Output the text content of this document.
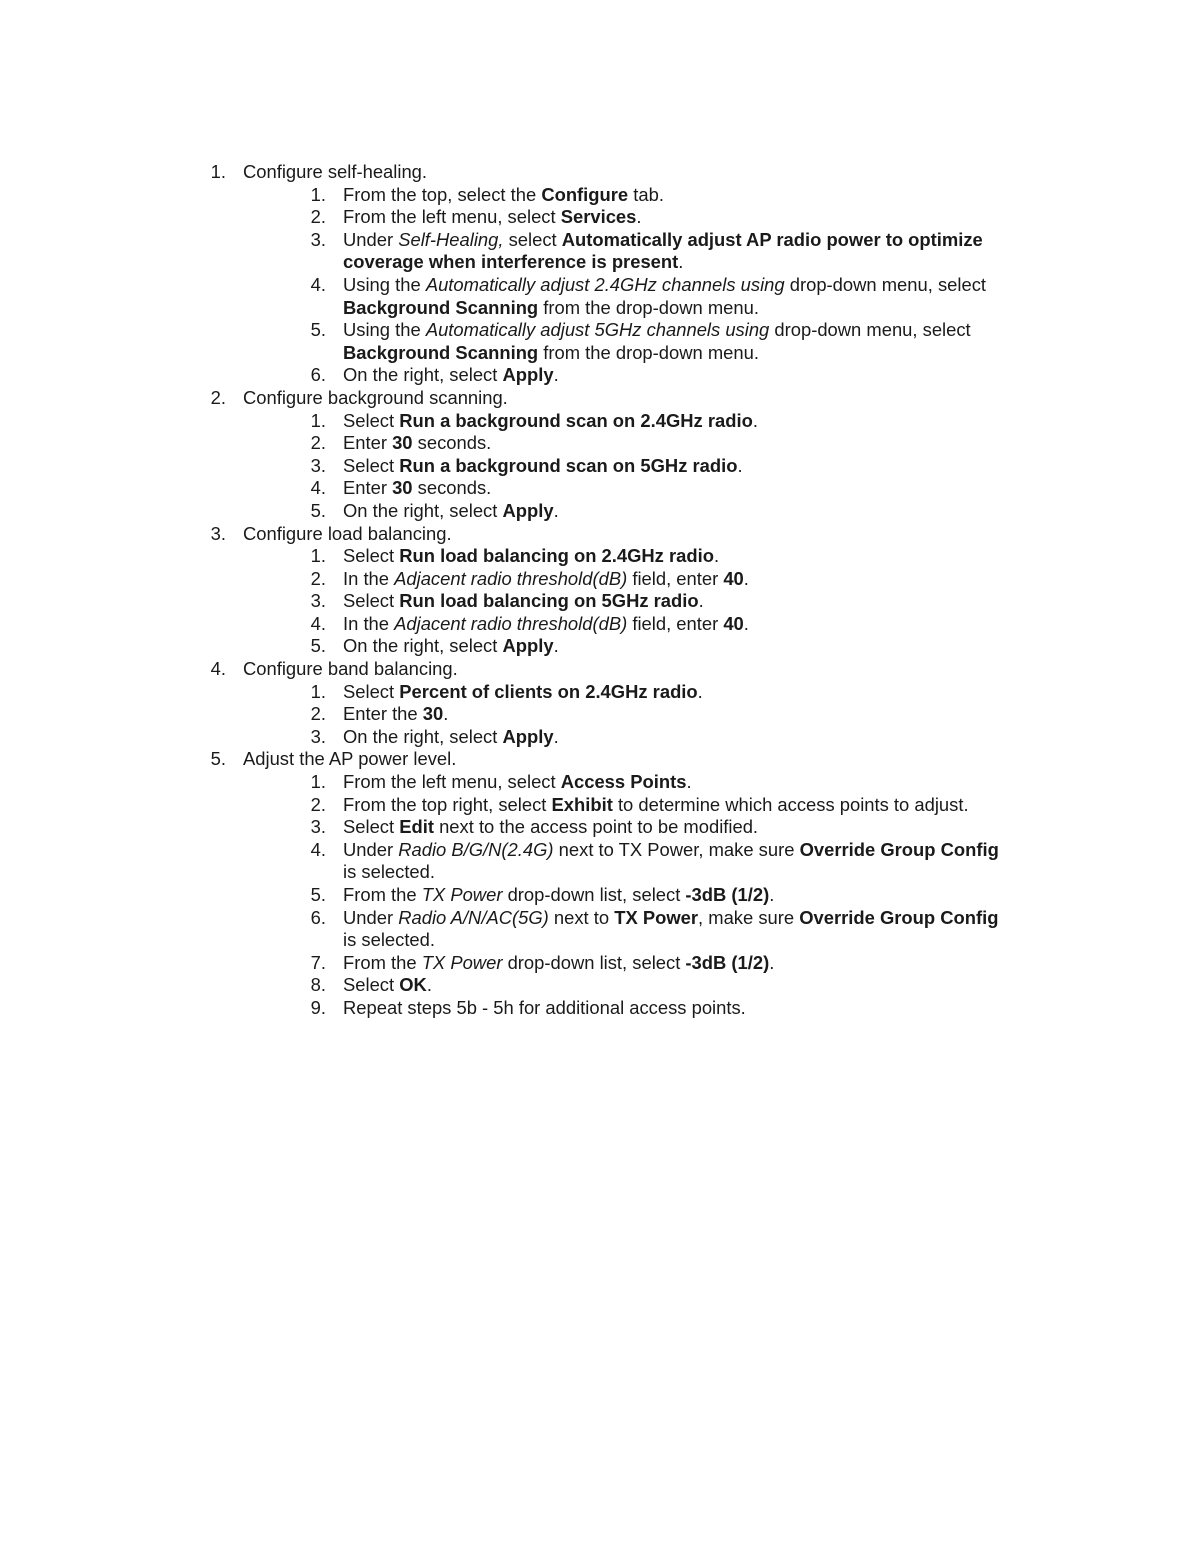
1. Configure self-healing.
1. From the top, select the Configure tab.
2. From the left menu, select Services.
3. Under Self-Healing, select Automatically adjust AP radio power to optimize
coverage when interference is present.
4. Using the Automatically adjust 2.4GHz channels using drop-down menu, select
Background Scanning from the drop-down menu.
5. Using the Automatically adjust 5GHz channels using drop-down menu, select
Background Scanning from the drop-down menu.
6. On the right, select Apply.
2. Configure background scanning.
1. Select Run a background scan on 2.4GHz radio.
2. Enter 30 seconds.
3. Select Run a background scan on 5GHz radio.
4. Enter 30 seconds.
5. On the right, select Apply.
3. Configure load balancing.
1. Select Run load balancing on 2.4GHz radio.
2. In the Adjacent radio threshold(dB) field, enter 40.
3. Select Run load balancing on 5GHz radio.
4. In the Adjacent radio threshold(dB) field, enter 40.
5. On the right, select Apply.
4. Configure band balancing.
1. Select Percent of clients on 2.4GHz radio.
2. Enter the 30.
3. On the right, select Apply.
5. Adjust the AP power level.
1. From the left menu, select Access Points.
2. From the top right, select Exhibit to determine which access points to adjust.
3. Select Edit next to the access point to be modified.
4. Under Radio B/G/N(2.4G) next to TX Power, make sure Override Group Config
is selected.
5. From the TX Power drop-down list, select -3dB (1/2).
6. Under Radio A/N/AC(5G) next to TX Power, make sure Override Group Config
is selected.
7. From the TX Power drop-down list, select -3dB (1/2).
8. Select OK.
9. Repeat steps 5b - 5h for additional access points.
